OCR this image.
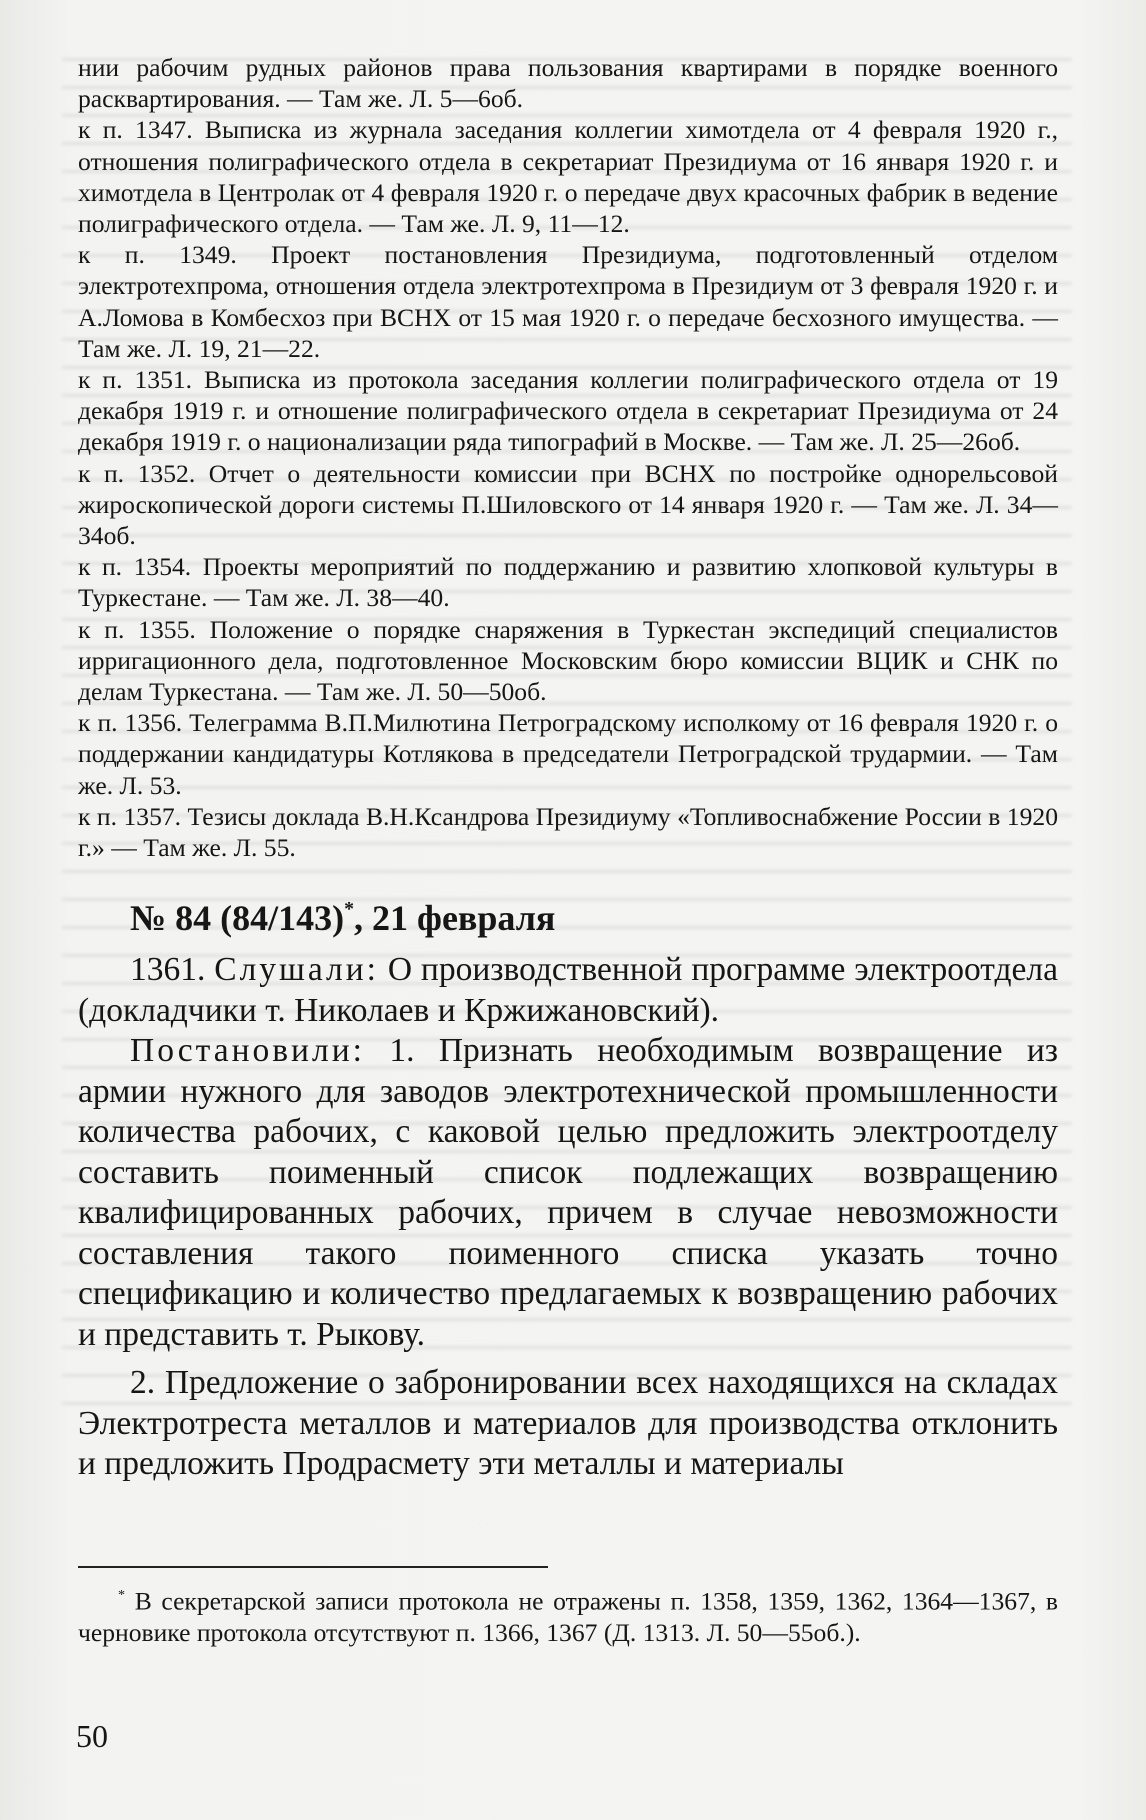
нии рабочим рудных районов права пользования квартирами в порядке военного расквартирования. — Там же. Л. 5—6об.

к п. 1347. Выписка из журнала заседания коллегии химотдела от 4 февраля 1920 г., отношения полиграфического отдела в секретариат Президиума от 16 января 1920 г. и химотдела в Центролак от 4 февраля 1920 г. о передаче двух красочных фабрик в ведение полиграфического отдела. — Там же. Л. 9, 11—12.

к п. 1349. Проект постановления Президиума, подготовленный отделом электротехпрома, отношения отдела электротехпрома в Президиум от 3 февраля 1920 г. и А.Ломова в Комбесхоз при ВСНХ от 15 мая 1920 г. о передаче бесхозного имущества. — Там же. Л. 19, 21—22.

к п. 1351. Выписка из протокола заседания коллегии полиграфического отдела от 19 декабря 1919 г. и отношение полиграфического отдела в секретариат Президиума от 24 декабря 1919 г. о национализации ряда типографий в Москве. — Там же. Л. 25—26об.

к п. 1352. Отчет о деятельности комиссии при ВСНХ по постройке однорельсовой жироскопической дороги системы П.Шиловского от 14 января 1920 г. — Там же. Л. 34—34об.

к п. 1354. Проекты мероприятий по поддержанию и развитию хлопковой культуры в Туркестане. — Там же. Л. 38—40.

к п. 1355. Положение о порядке снаряжения в Туркестан экспедиций специалистов ирригационного дела, подготовленное Московским бюро комиссии ВЦИК и СНК по делам Туркестана. — Там же. Л. 50—50об.

к п. 1356. Телеграмма В.П.Милютина Петроградскому исполкому от 16 февраля 1920 г. о поддержании кандидатуры Котлякова в председатели Петроградской трудармии. — Там же. Л. 53.

к п. 1357. Тезисы доклада В.Н.Ксандрова Президиуму «Топливоснабжение России в 1920 г.» — Там же. Л. 55.

№ 84 (84/143)*, 21 февраля

1361. Слушали: О производственной программе электроотдела (докладчики т. Николаев и Кржижановский).

Постановили: 1. Признать необходимым возвращение из армии нужного для заводов электротехнической промышленности количества рабочих, с каковой целью предложить электроотделу составить поименный список подлежащих возвращению квалифицированных рабочих, причем в случае невозможности составления такого поименного списка указать точно спецификацию и количество предлагаемых к возвращению рабочих и представить т. Рыкову.

2. Предложение о забронировании всех находящихся на складах Электротреста металлов и материалов для производства отклонить и предложить Продрасмету эти металлы и материалы

* В секретарской записи протокола не отражены п. 1358, 1359, 1362, 1364—1367, в черновике протокола отсутствуют п. 1366, 1367 (Д. 1313. Л. 50—55об.).

50
